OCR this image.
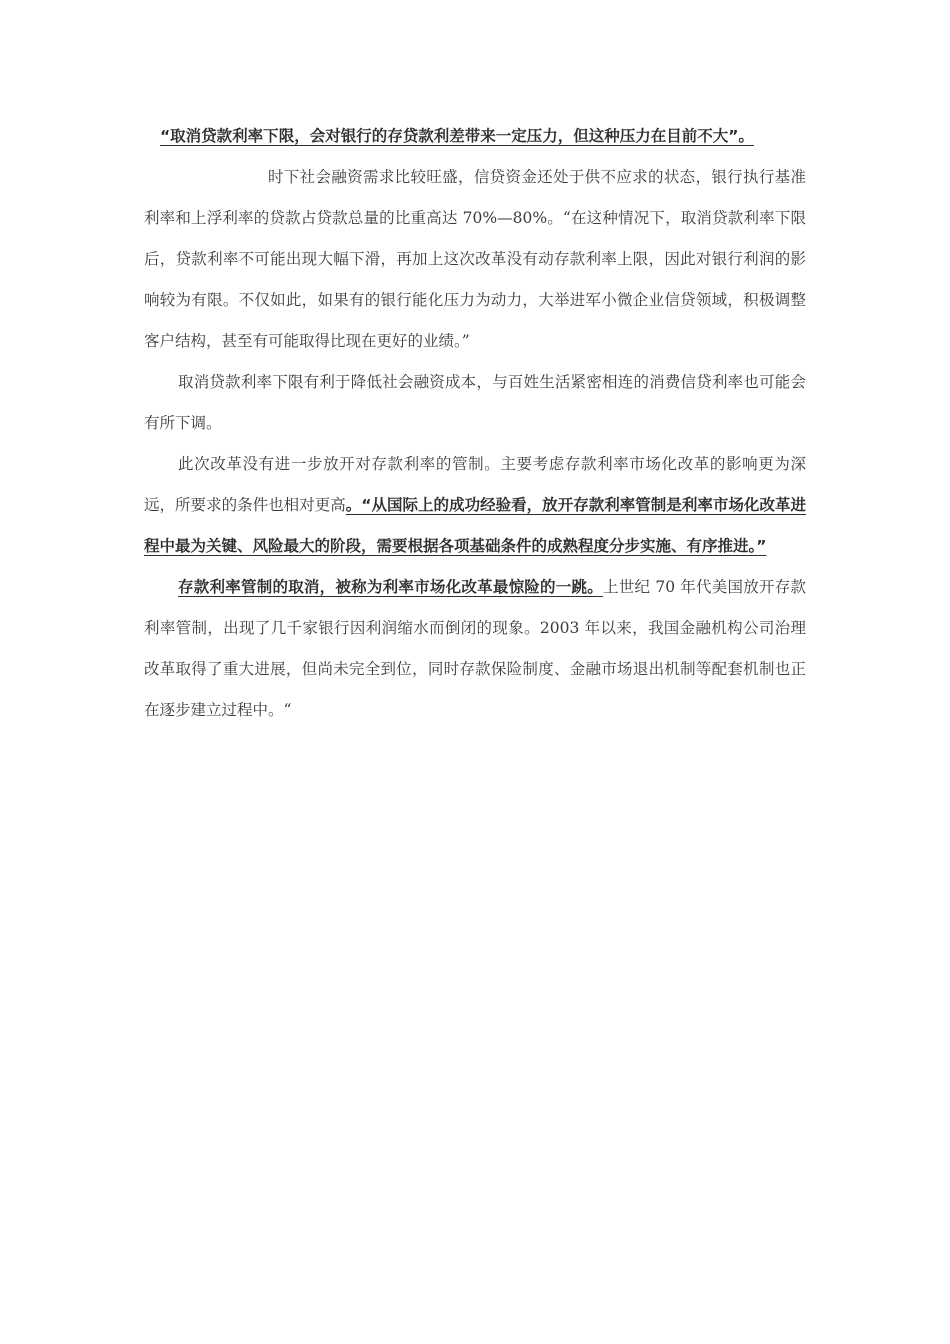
“取消贷款利率下限，会对银行的存贷款利差带来一定压力，但这种压力在目前不大”。

时下社会融资需求比较旺盛，信贷资金还处于供不应求的状态，银行执行基准利率和上浮利率的贷款占贷款总量的比重高达 70%—80%。“在这种情况下，取消贷款利率下限后，贷款利率不可能出现大幅下滑，再加上这次改革没有动存款利率上限，因此对银行利润的影响较为有限。不仅如此，如果有的银行能化压力为动力，大举进军小微企业信贷领域，积极调整客户结构，甚至有可能取得比现在更好的业绩。”

取消贷款利率下限有利于降低社会融资成本，与百姓生活紧密相连的消费信贷利率也可能会有所下调。

此次改革没有进一步放开对存款利率的管制。主要考虑存款利率市场化改革的影响更为深远，所要求的条件也相对更高。“从国际上的成功经验看，放开存款利率管制是利率市场化改革进程中最为关键、风险最大的阶段，需要根据各项基础条件的成熟程度分步实施、有序推进。”

存款利率管制的取消，被称为利率市场化改革最惊险的一跳。上世纪 70 年代美国放开存款利率管制，出现了几千家银行因利润缩水而倒闭的现象。2003 年以来，我国金融机构公司治理改革取得了重大进展，但尚未完全到位，同时存款保险制度、金融市场退出机制等配套机制也正在逐步建立过程中。“
